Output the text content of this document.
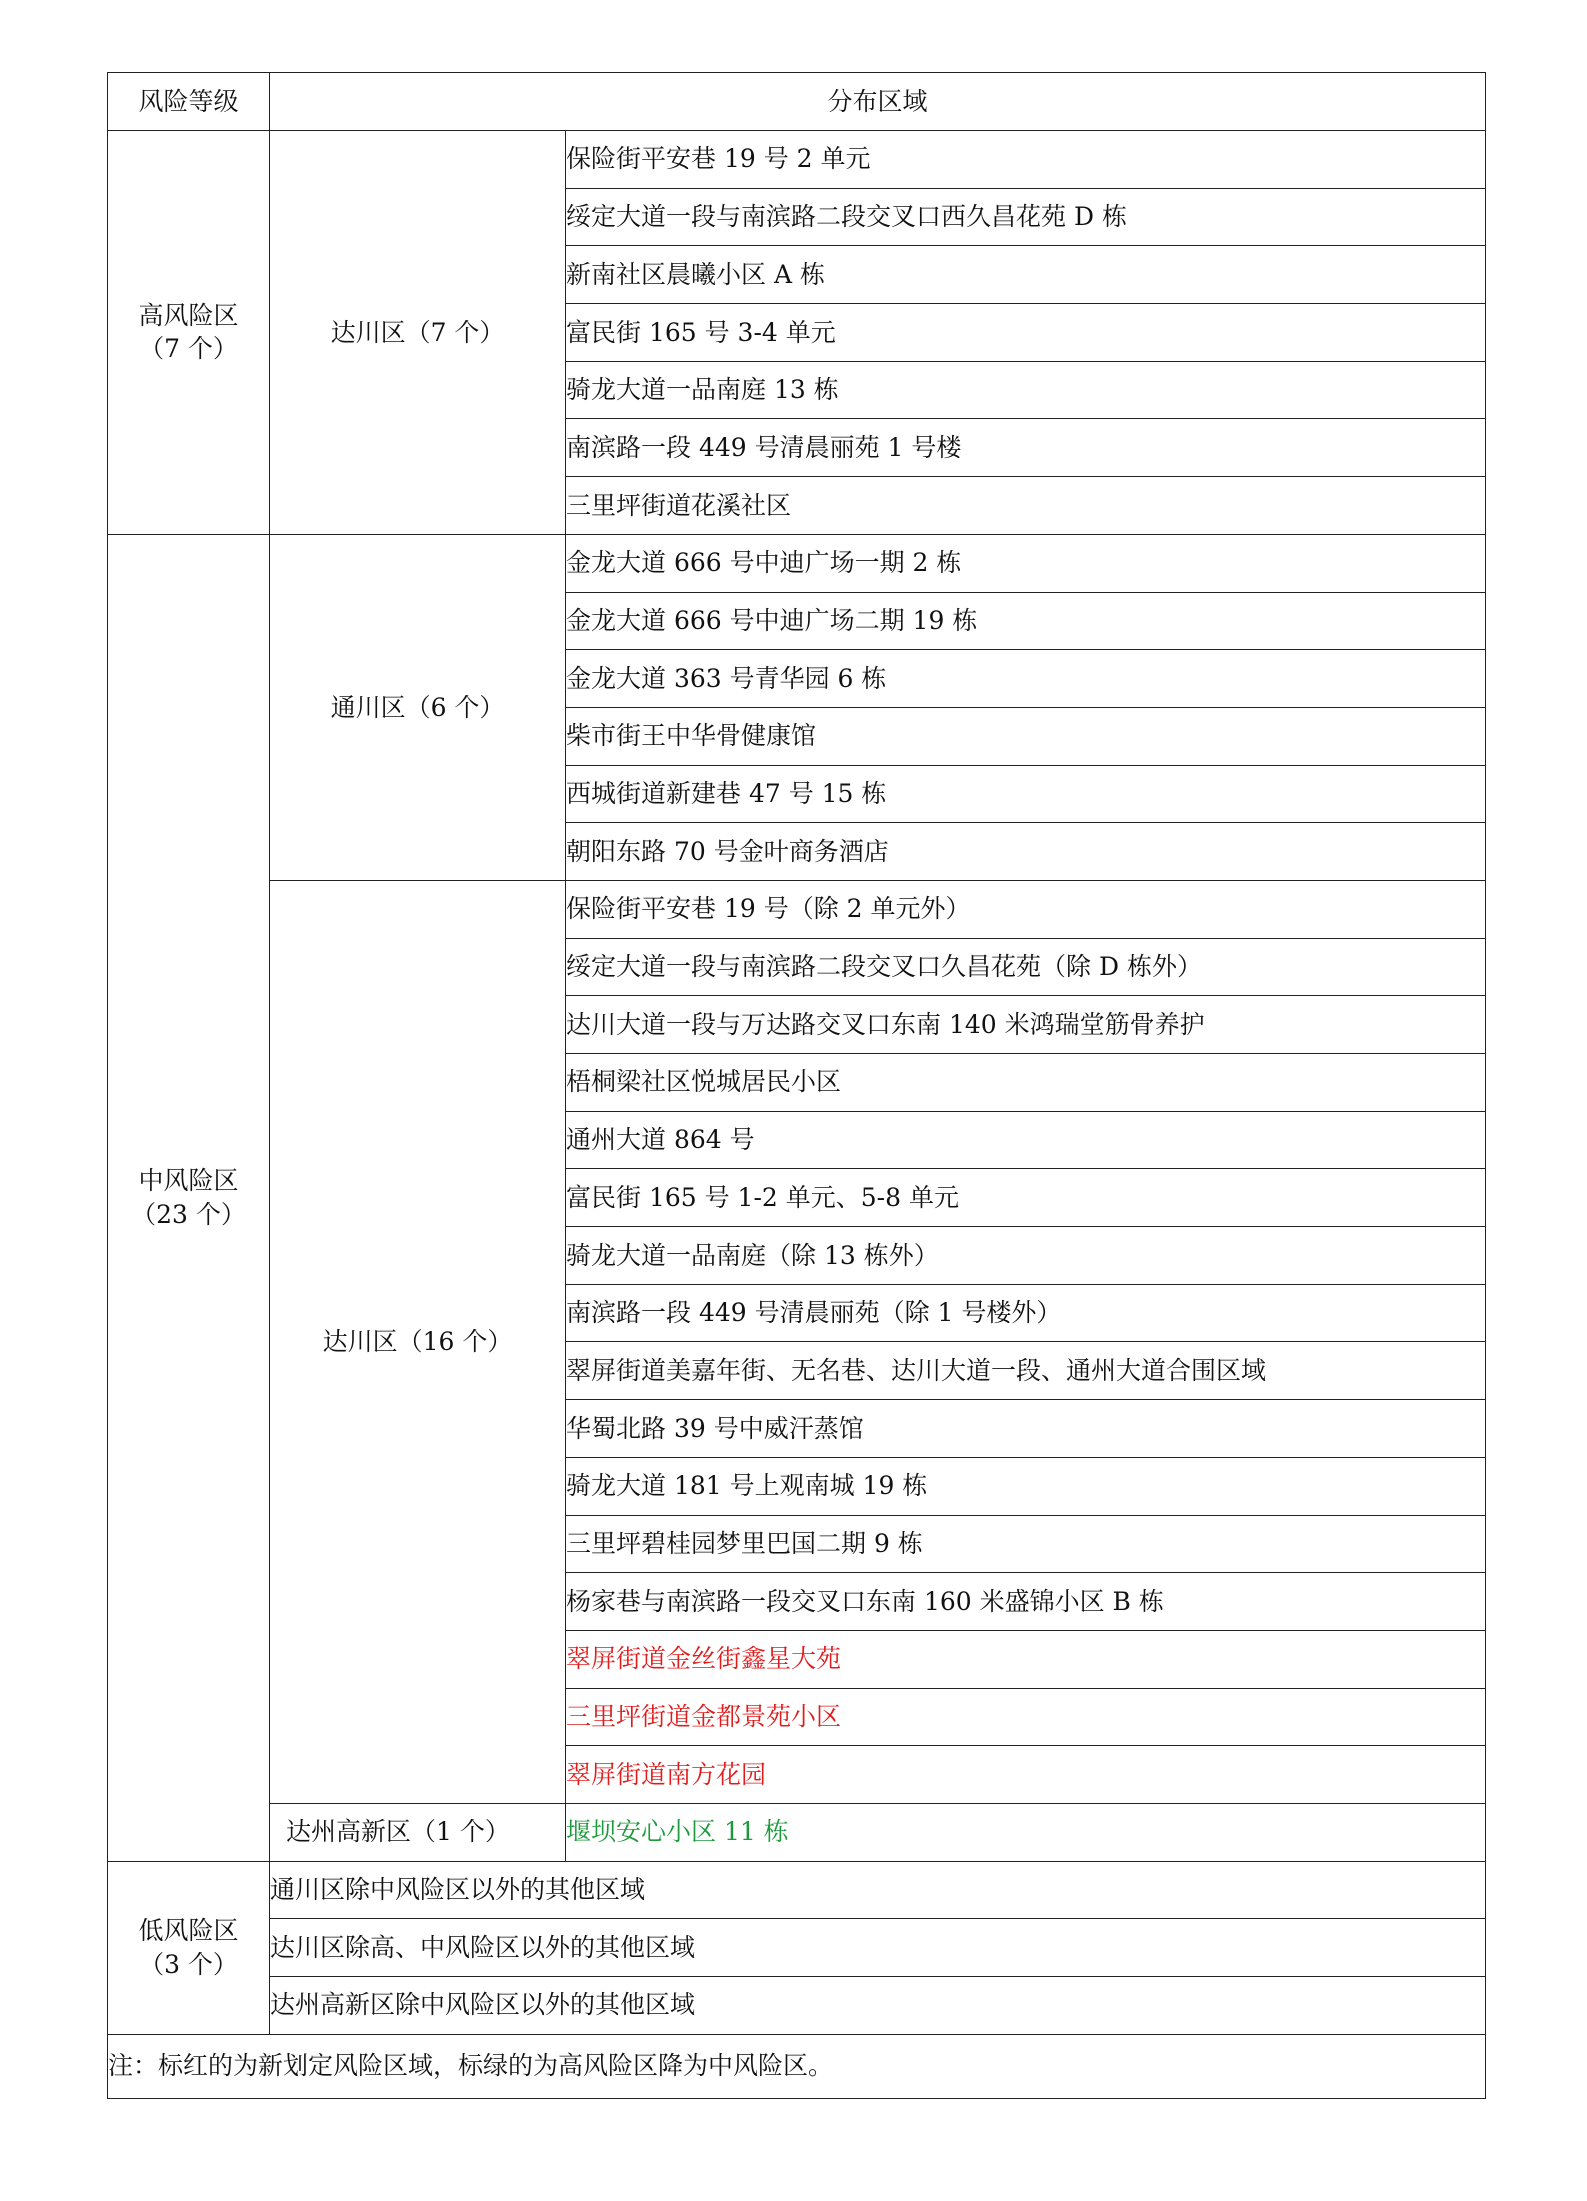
风险等级	分布区域	

高风险区
（7 个）	达川区（7 个）	保险街平安巷 19 号 2 单元
		绥定大道一段与南滨路二段交叉口西久昌花苑 D 栋
		新南社区晨曦小区 A 栋
		富民街 165 号 3-4 单元
		骑龙大道一品南庭 13 栋
		南滨路一段 449 号清晨丽苑 1 号楼
		三里坪街道花溪社区

中风险区
（23 个）	通川区（6 个）	金龙大道 666 号中迪广场一期 2 栋
		金龙大道 666 号中迪广场二期 19 栋
		金龙大道 363 号青华园 6 栋
		柴市街王中华骨健康馆
		西城街道新建巷 47 号 15 栋
		朝阳东路 70 号金叶商务酒店
	达川区（16 个）	保险街平安巷 19 号（除 2 单元外）
		绥定大道一段与南滨路二段交叉口久昌花苑（除 D 栋外）
		达川大道一段与万达路交叉口东南 140 米鸿瑞堂筋骨养护
		梧桐梁社区悦城居民小区
		通州大道 864 号
		富民街 165 号 1-2 单元、5-8 单元
		骑龙大道一品南庭（除 13 栋外）
		南滨路一段 449 号清晨丽苑（除 1 号楼外）
		翠屏街道美嘉年街、无名巷、达川大道一段、通州大道合围区域
		华蜀北路 39 号中威汗蒸馆
		骑龙大道 181 号上观南城 19 栋
		三里坪碧桂园梦里巴国二期 9 栋
		杨家巷与南滨路一段交叉口东南 160 米盛锦小区 B 栋
		翠屏街道金丝街鑫星大苑
		三里坪街道金都景苑小区
		翠屏街道南方花园
	达州高新区（1 个）	堰坝安心小区 11 栋

低风险区
（3 个）	通川区除中风险区以外的其他区域	
	达川区除高、中风险区以外的其他区域	
	达州高新区除中风险区以外的其他区域	
注：标红的为新划定风险区域，标绿的为高风险区降为中风险区。		
